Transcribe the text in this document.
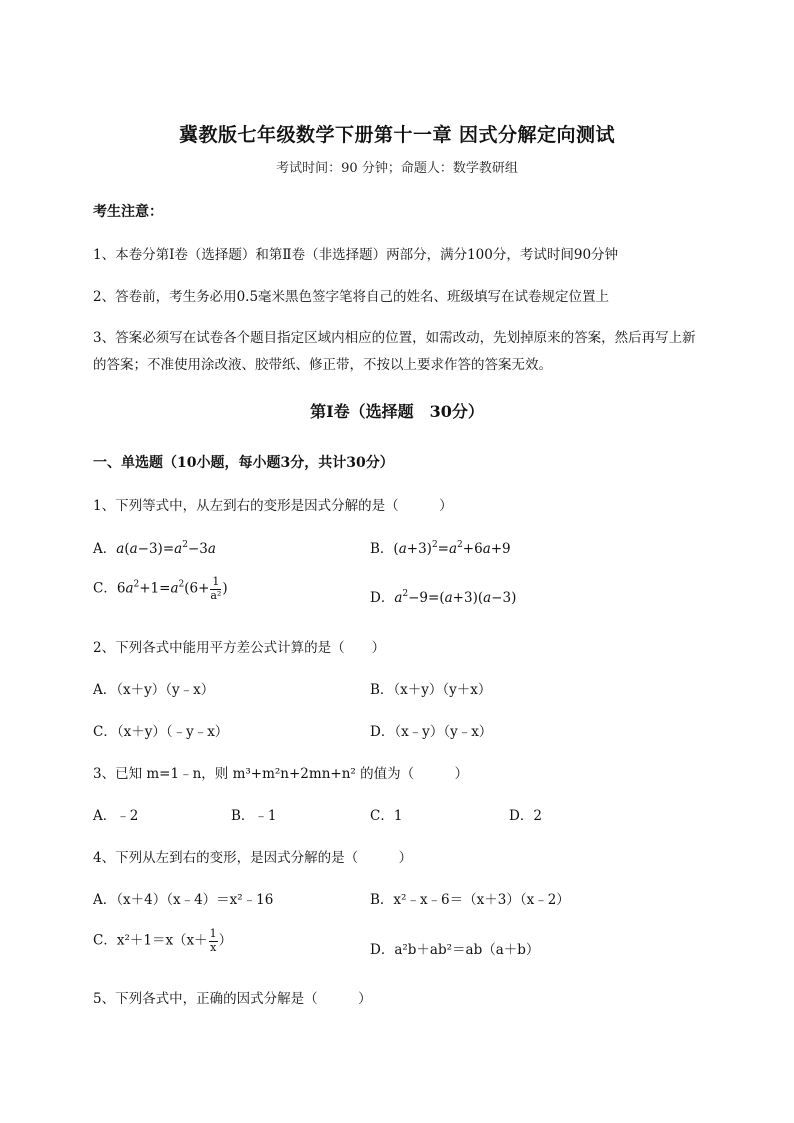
冀教版七年级数学下册第十一章 因式分解定向测试
考试时间：90 分钟；命题人：数学教研组
考生注意：
1、本卷分第Ⅰ卷（选择题）和第Ⅱ卷（非选择题）两部分，满分100分，考试时间90分钟
2、答卷前，考生务必用0.5毫米黑色签字笔将自己的姓名、班级填写在试卷规定位置上
3、答案必须写在试卷各个题目指定区域内相应的位置，如需改动，先划掉原来的答案，然后再写上新
的答案；不准使用涂改液、胶带纸、修正带，不按以上要求作答的答案无效。
第Ⅰ卷（选择题　30分）
一、单选题（10小题，每小题3分，共计30分）
1、下列等式中，从左到右的变形是因式分解的是（　　　）
A．$a(a-3)=a^2-3a$	B．$(a+3)^2=a^2+6a+9$
C．$6a^2+1=a^2(6+ \frac{1}{\text{a²}}$ )
D．$a^2-9=(a+3)(a-3)$
2、下列各式中能用平方差公式计算的是（　　）
A．（x＋y）（y﹣x）	B．（x＋y）（y＋x）
C．（x＋y）（﹣y﹣x）	D．（x﹣y）（y﹣x）
3、已知 m=1﹣n，则 m³+m²n+2mn+n² 的值为（　　　）
A．﹣2	B．﹣1	C．1	D．2
4、下列从左到右的变形，是因式分解的是（　　　）
A．（x＋4）（x﹣4）＝x²﹣16	B．x²﹣x﹣6＝（x＋3）（x﹣2）
C．$x^2+1=x(x+ \frac{1}{x}$ ）
D．a²b＋ab²＝ab（a＋b）
5、下列各式中，正确的因式分解是（　　　）
